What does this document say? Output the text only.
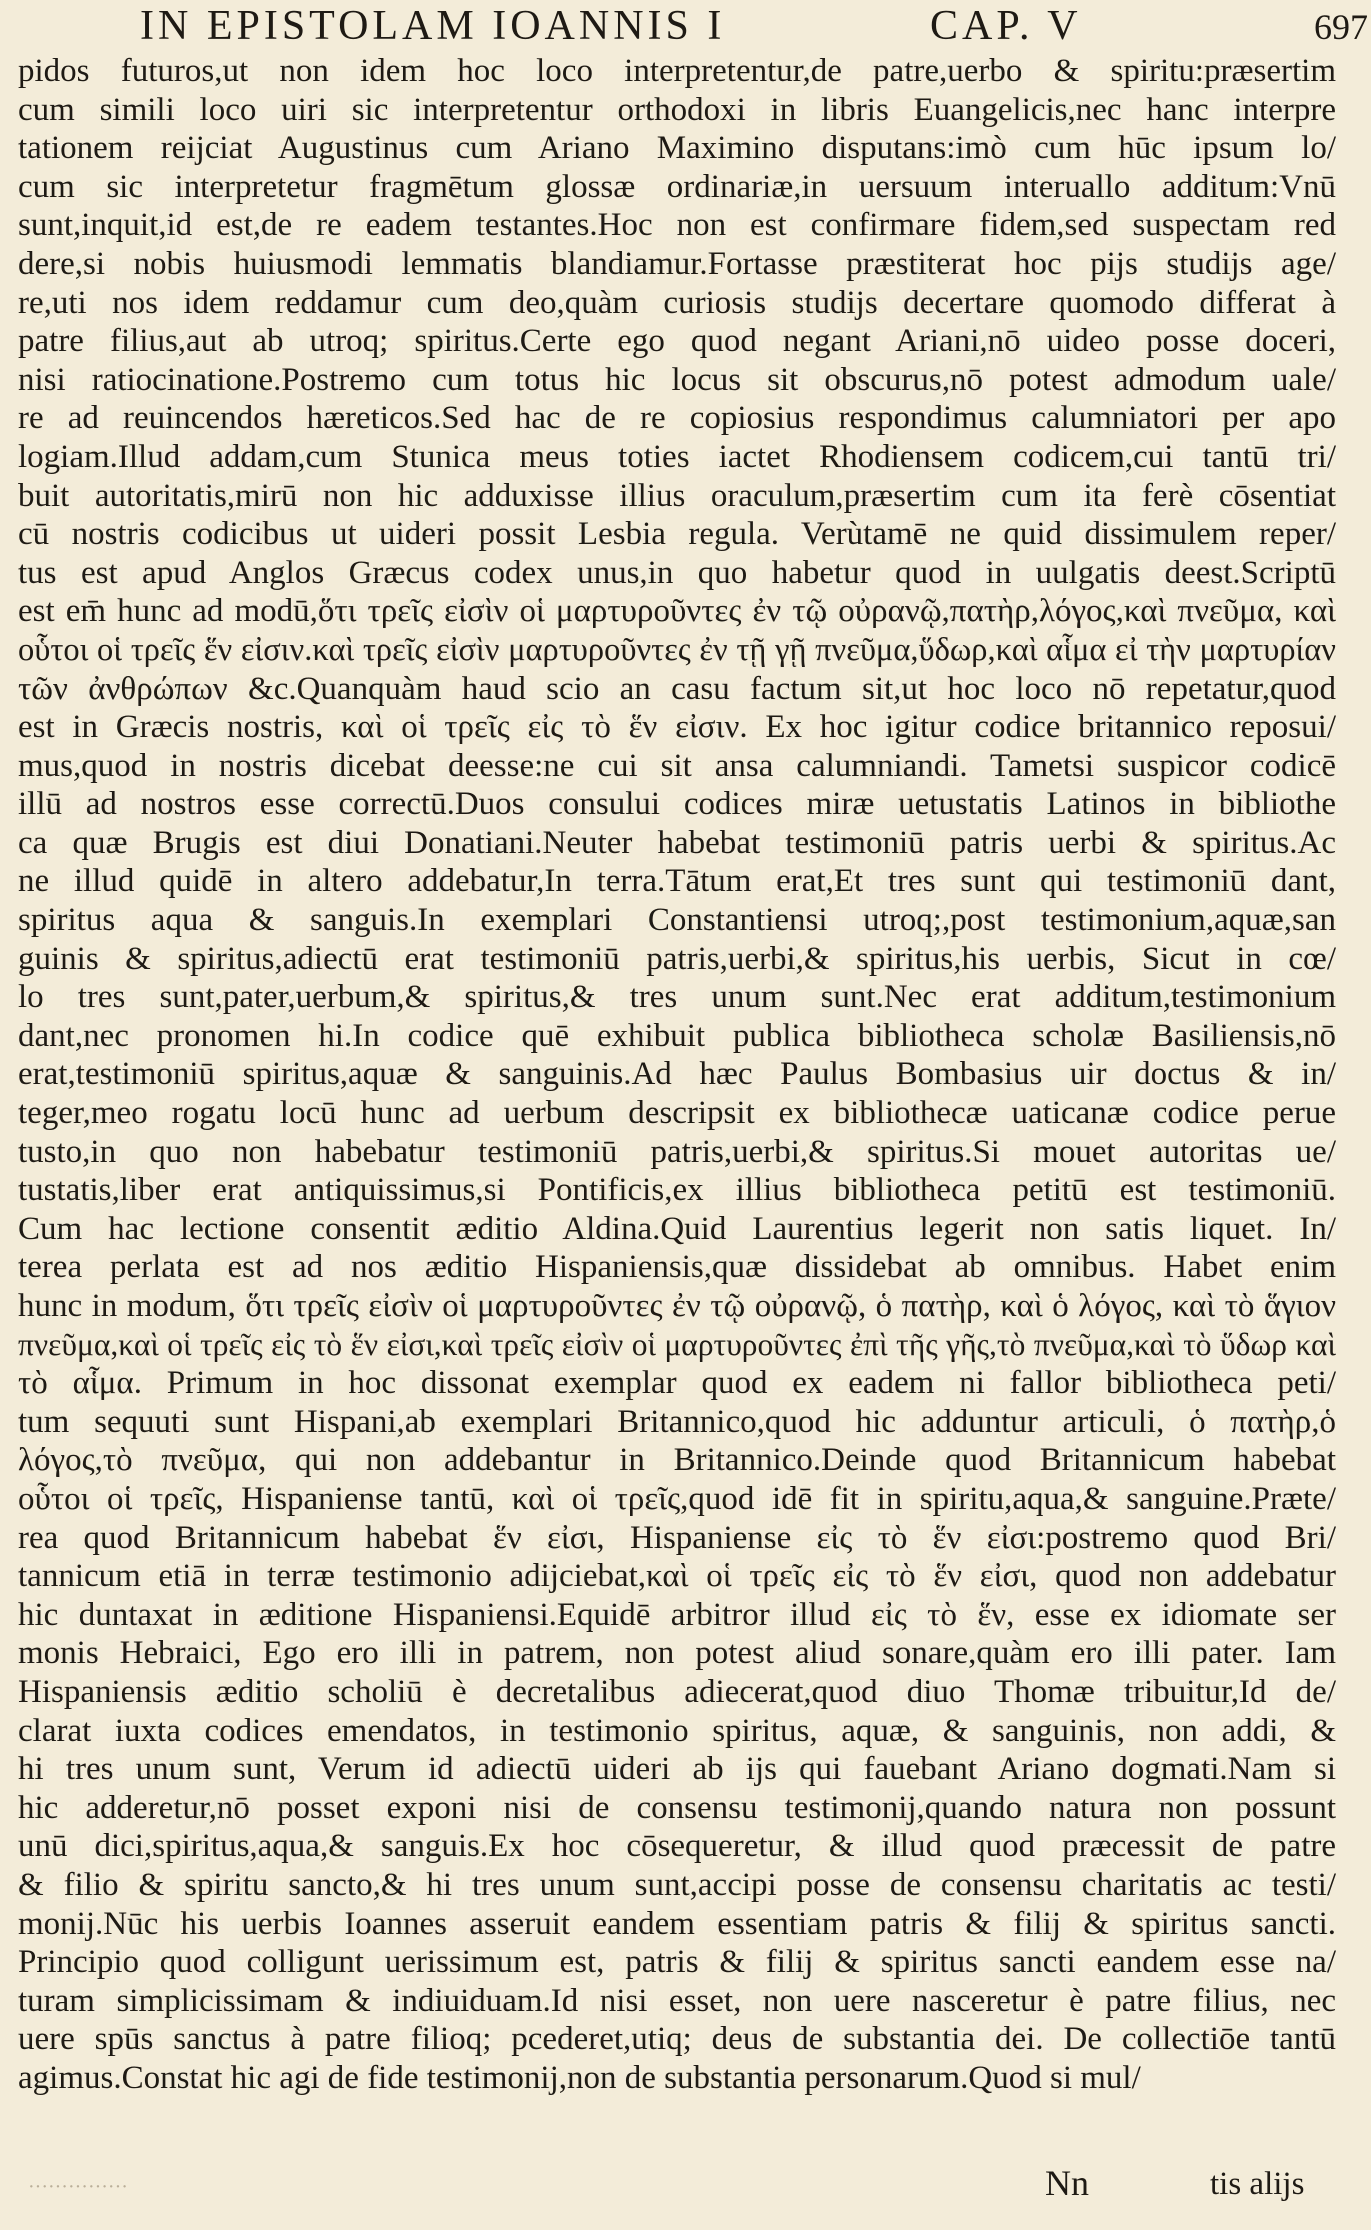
IN EPISTOLAM IOANNIS I	CAP. V	697
pidos futuros,ut non idem hoc loco interpretentur,de patre,uerbo & spiritu:præsertim
cum simili loco uiri sic interpretentur orthodoxi in libris Euangelicis,nec hanc interpre
tationem reijciat Augustinus cum Ariano Maximino disputans:imò cum hūc ipsum lo/
cum sic interpretetur fragmētum glossæ ordinariæ,in uersuum interuallo additum:Vnū
sunt,inquit,id est,de re eadem testantes.Hoc non est confirmare fidem,sed suspectam red
dere,si nobis huiusmodi lemmatis blandiamur.Fortasse præstiterat hoc pijs studijs age/
re,uti nos idem reddamur cum deo,quàm curiosis studijs decertare quomodo differat à
patre filius,aut ab utroq; spiritus.Certe ego quod negant Ariani,nō uideo posse doceri,
nisi ratiocinatione.Postremo cum totus hic locus sit obscurus,nō potest admodum uale/
re ad reuincendos hæreticos.Sed hac de re copiosius respondimus calumniatori per apo
logiam.Illud addam,cum Stunica meus toties iactet Rhodiensem codicem,cui tantū tri/
buit autoritatis,mirū non hic adduxisse illius oraculum,præsertim cum ita ferè cōsentiat
cū nostris codicibus ut uideri possit Lesbia regula. Verùtamē ne quid dissimulem reper/
tus est apud Anglos Græcus codex unus,in quo habetur quod in uulgatis deest.Scriptū
est em̄ hunc ad modū,ὅτι τρεῖς εἰσὶν οἱ μαρτυροῦντες ἐν τῷ οὐρανῷ,πατὴρ,λόγος,καὶ πνεῦμα, καὶ
οὗτοι οἱ τρεῖς ἕν εἰσιν.καὶ τρεῖς εἰσὶν μαρτυροῦντες ἐν τῇ γῇ πνεῦμα,ὕδωρ,καὶ αἷμα εἰ τὴν μαρτυρίαν
τῶν ἀνθρώπων &c.Quanquàm haud scio an casu factum sit,ut hoc loco nō repetatur,quod
est in Græcis nostris, καὶ οἱ τρεῖς εἰς τὸ ἕν εἰσιν. Ex hoc igitur codice britannico reposui/
mus,quod in nostris dicebat deesse:ne cui sit ansa calumniandi. Tametsi suspicor codicē
illū ad nostros esse correctū.Duos consului codices miræ uetustatis Latinos in bibliothe
ca quæ Brugis est diui Donatiani.Neuter habebat testimoniū patris uerbi & spiritus.Ac
ne illud quidē in altero addebatur,In terra.Tātum erat,Et tres sunt qui testimoniū dant,
spiritus aqua & sanguis.In exemplari Constantiensi utroq;,post testimonium,aquæ,san
guinis & spiritus,adiectū erat testimoniū patris,uerbi,& spiritus,his uerbis, Sicut in cœ/
lo tres sunt,pater,uerbum,& spiritus,& tres unum sunt.Nec erat additum,testimonium
dant,nec pronomen hi.In codice quē exhibuit publica bibliotheca scholæ Basiliensis,nō
erat,testimoniū spiritus,aquæ & sanguinis.Ad hæc Paulus Bombasius uir doctus & in/
teger,meo rogatu locū hunc ad uerbum descripsit ex bibliothecæ uaticanæ codice perue
tusto,in quo non habebatur testimoniū patris,uerbi,& spiritus.Si mouet autoritas ue/
tustatis,liber erat antiquissimus,si Pontificis,ex illius bibliotheca petitū est testimoniū.
Cum hac lectione consentit æditio Aldina.Quid Laurentius legerit non satis liquet. In/
terea perlata est ad nos æditio Hispaniensis,quæ dissidebat ab omnibus. Habet enim
hunc in modum, ὅτι τρεῖς εἰσὶν οἱ μαρτυροῦντες ἐν τῷ οὐρανῷ, ὁ πατὴρ, καὶ ὁ λόγος, καὶ τὸ ἅγιον
πνεῦμα,καὶ οἱ τρεῖς εἰς τὸ ἕν εἰσι,καὶ τρεῖς εἰσὶν οἱ μαρτυροῦντες ἐπὶ τῆς γῆς,τὸ πνεῦμα,καὶ τὸ ὕδωρ καὶ
τὸ αἷμα. Primum in hoc dissonat exemplar quod ex eadem ni fallor bibliotheca peti/
tum sequuti sunt Hispani,ab exemplari Britannico,quod hic adduntur articuli, ὁ πατὴρ,ὁ
λόγος,τὸ πνεῦμα, qui non addebantur in Britannico.Deinde quod Britannicum habebat
οὗτοι οἱ τρεῖς, Hispaniense tantū, καὶ οἱ τρεῖς,quod idē fit in spiritu,aqua,& sanguine.Præte/
rea quod Britannicum habebat ἕν εἰσι, Hispaniense εἰς τὸ ἕν εἰσι:postremo quod Bri/
tannicum etiā in terræ testimonio adijciebat,καὶ οἱ τρεῖς εἰς τὸ ἕν εἰσι, quod non addebatur
hic duntaxat in æditione Hispaniensi.Equidē arbitror illud εἰς τὸ ἕν, esse ex idiomate ser
monis Hebraici, Ego ero illi in patrem, non potest aliud sonare,quàm ero illi pater. Iam
Hispaniensis æditio scholiū è decretalibus adiecerat,quod diuo Thomæ tribuitur,Id de/
clarat iuxta codices emendatos, in testimonio spiritus, aquæ, & sanguinis, non addi, &
hi tres unum sunt, Verum id adiectū uideri ab ijs qui fauebant Ariano dogmati.Nam si
hic adderetur,nō posset exponi nisi de consensu testimonij,quando natura non possunt
unū dici,spiritus,aqua,& sanguis.Ex hoc cōsequeretur, & illud quod præcessit de patre
& filio & spiritu sancto,& hi tres unum sunt,accipi posse de consensu charitatis ac testi/
monij.Nūc his uerbis Ioannes asseruit eandem essentiam patris & filij & spiritus sancti.
Principio quod colligunt uerissimum est, patris & filij & spiritus sancti eandem esse na/
turam simplicissimam & indiuiduam.Id nisi esset, non uere nasceretur è patre filius, nec
uere spūs sanctus à patre filioq; pcederet,utiq; deus de substantia dei. De collectiōe tantū
agimus.Constat hic agi de fide testimonij,non de substantia personarum.Quod si mul/
···············	Nn	tis alijs
